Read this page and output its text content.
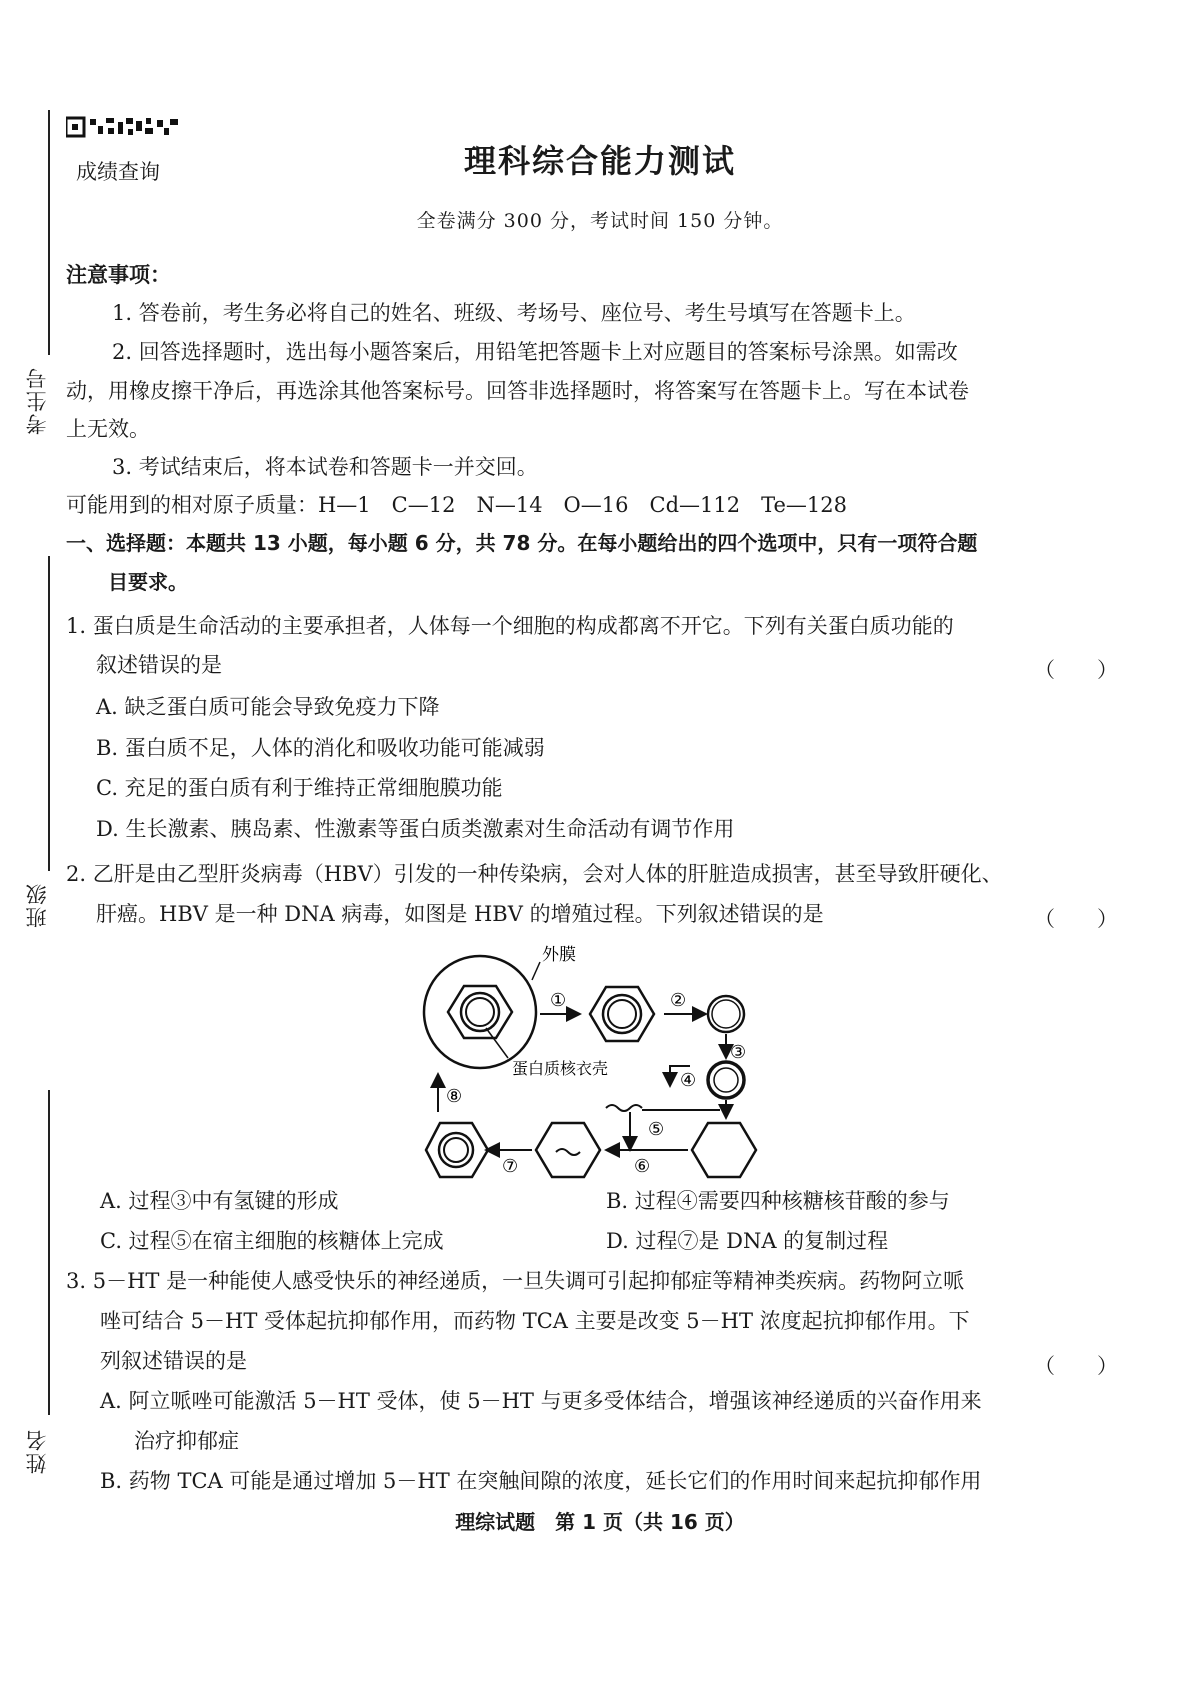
考生号
班级
姓名
成绩查询	理科综合能力测试
全卷满分 300 分，考试时间 150 分钟。
注意事项：
1. 答卷前，考生务必将自己的姓名、班级、考场号、座位号、考生号填写在答题卡上。
2. 回答选择题时，选出每小题答案后，用铅笔把答题卡上对应题目的答案标号涂黑。如需改
动，用橡皮擦干净后，再选涂其他答案标号。回答非选择题时，将答案写在答题卡上。写在本试卷
上无效。
3. 考试结束后，将本试卷和答题卡一并交回。
可能用到的相对原子质量：H—1　C—12　N—14　O—16　Cd—112　Te—128
一、选择题：本题共 13 小题，每小题 6 分，共 78 分。在每小题给出的四个选项中，只有一项符合题
目要求。
1. 蛋白质是生命活动的主要承担者，人体每一个细胞的构成都离不开它。下列有关蛋白质功能的
叙述错误的是	（　　）
A. 缺乏蛋白质可能会导致免疫力下降
B. 蛋白质不足，人体的消化和吸收功能可能减弱
C. 充足的蛋白质有利于维持正常细胞膜功能
D. 生长激素、胰岛素、性激素等蛋白质类激素对生命活动有调节作用
2. 乙肝是由乙型肝炎病毒（HBV）引发的一种传染病，会对人体的肝脏造成损害，甚至导致肝硬化、
肝癌。HBV 是一种 DNA 病毒，如图是 HBV 的增殖过程。下列叙述错误的是	（　　）
外膜
蛋白质核衣壳
①	②
③
④
⑤
⑥
⑦
⑧
A. 过程③中有氢键的形成	B. 过程④需要四种核糖核苷酸的参与
C. 过程⑤在宿主细胞的核糖体上完成	D. 过程⑦是 DNA 的复制过程
3. 5－HT 是一种能使人感受快乐的神经递质，一旦失调可引起抑郁症等精神类疾病。药物阿立哌
唑可结合 5－HT 受体起抗抑郁作用，而药物 TCA 主要是改变 5－HT 浓度起抗抑郁作用。下
列叙述错误的是	（　　）
A. 阿立哌唑可能激活 5－HT 受体，使 5－HT 与更多受体结合，增强该神经递质的兴奋作用来
治疗抑郁症
B. 药物 TCA 可能是通过增加 5－HT 在突触间隙的浓度，延长它们的作用时间来起抗抑郁作用
理综试题　第 1 页（共 16 页）
